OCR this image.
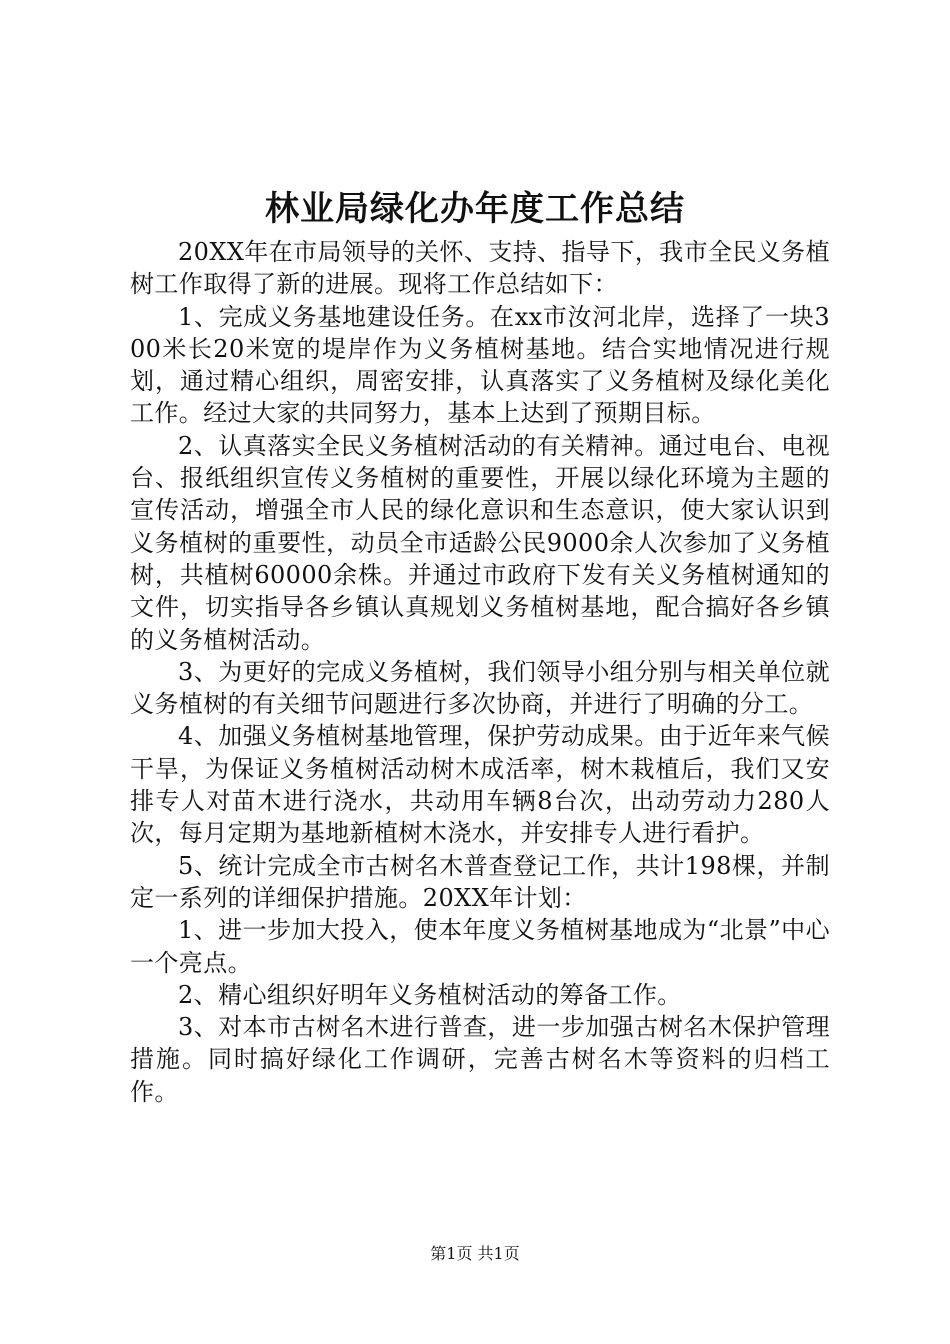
林业局绿化办年度工作总结

20XX年在市局领导的关怀、支持、指导下，我市全民义务植树工作取得了新的进展。现将工作总结如下：

1、完成义务基地建设任务。在xx市汝河北岸，选择了一块300米长20米宽的堤岸作为义务植树基地。结合实地情况进行规划，通过精心组织，周密安排，认真落实了义务植树及绿化美化工作。经过大家的共同努力，基本上达到了预期目标。

2、认真落实全民义务植树活动的有关精神。通过电台、电视台、报纸组织宣传义务植树的重要性，开展以绿化环境为主题的宣传活动，增强全市人民的绿化意识和生态意识，使大家认识到义务植树的重要性，动员全市适龄公民9000余人次参加了义务植树，共植树60000余株。并通过市政府下发有关义务植树通知的文件，切实指导各乡镇认真规划义务植树基地，配合搞好各乡镇的义务植树活动。

3、为更好的完成义务植树，我们领导小组分别与相关单位就义务植树的有关细节问题进行多次协商，并进行了明确的分工。

4、加强义务植树基地管理，保护劳动成果。由于近年来气候干旱，为保证义务植树活动树木成活率，树木栽植后，我们又安排专人对苗木进行浇水，共动用车辆8台次，出动劳动力280人次，每月定期为基地新植树木浇水，并安排专人进行看护。

5、统计完成全市古树名木普查登记工作，共计198棵，并制定一系列的详细保护措施。20XX年计划：

1、进一步加大投入，使本年度义务植树基地成为“北景”中心一个亮点。

2、精心组织好明年义务植树活动的筹备工作。

3、对本市古树名木进行普查，进一步加强古树名木保护管理措施。同时搞好绿化工作调研，完善古树名木等资料的归档工作。

第1页 共1页
